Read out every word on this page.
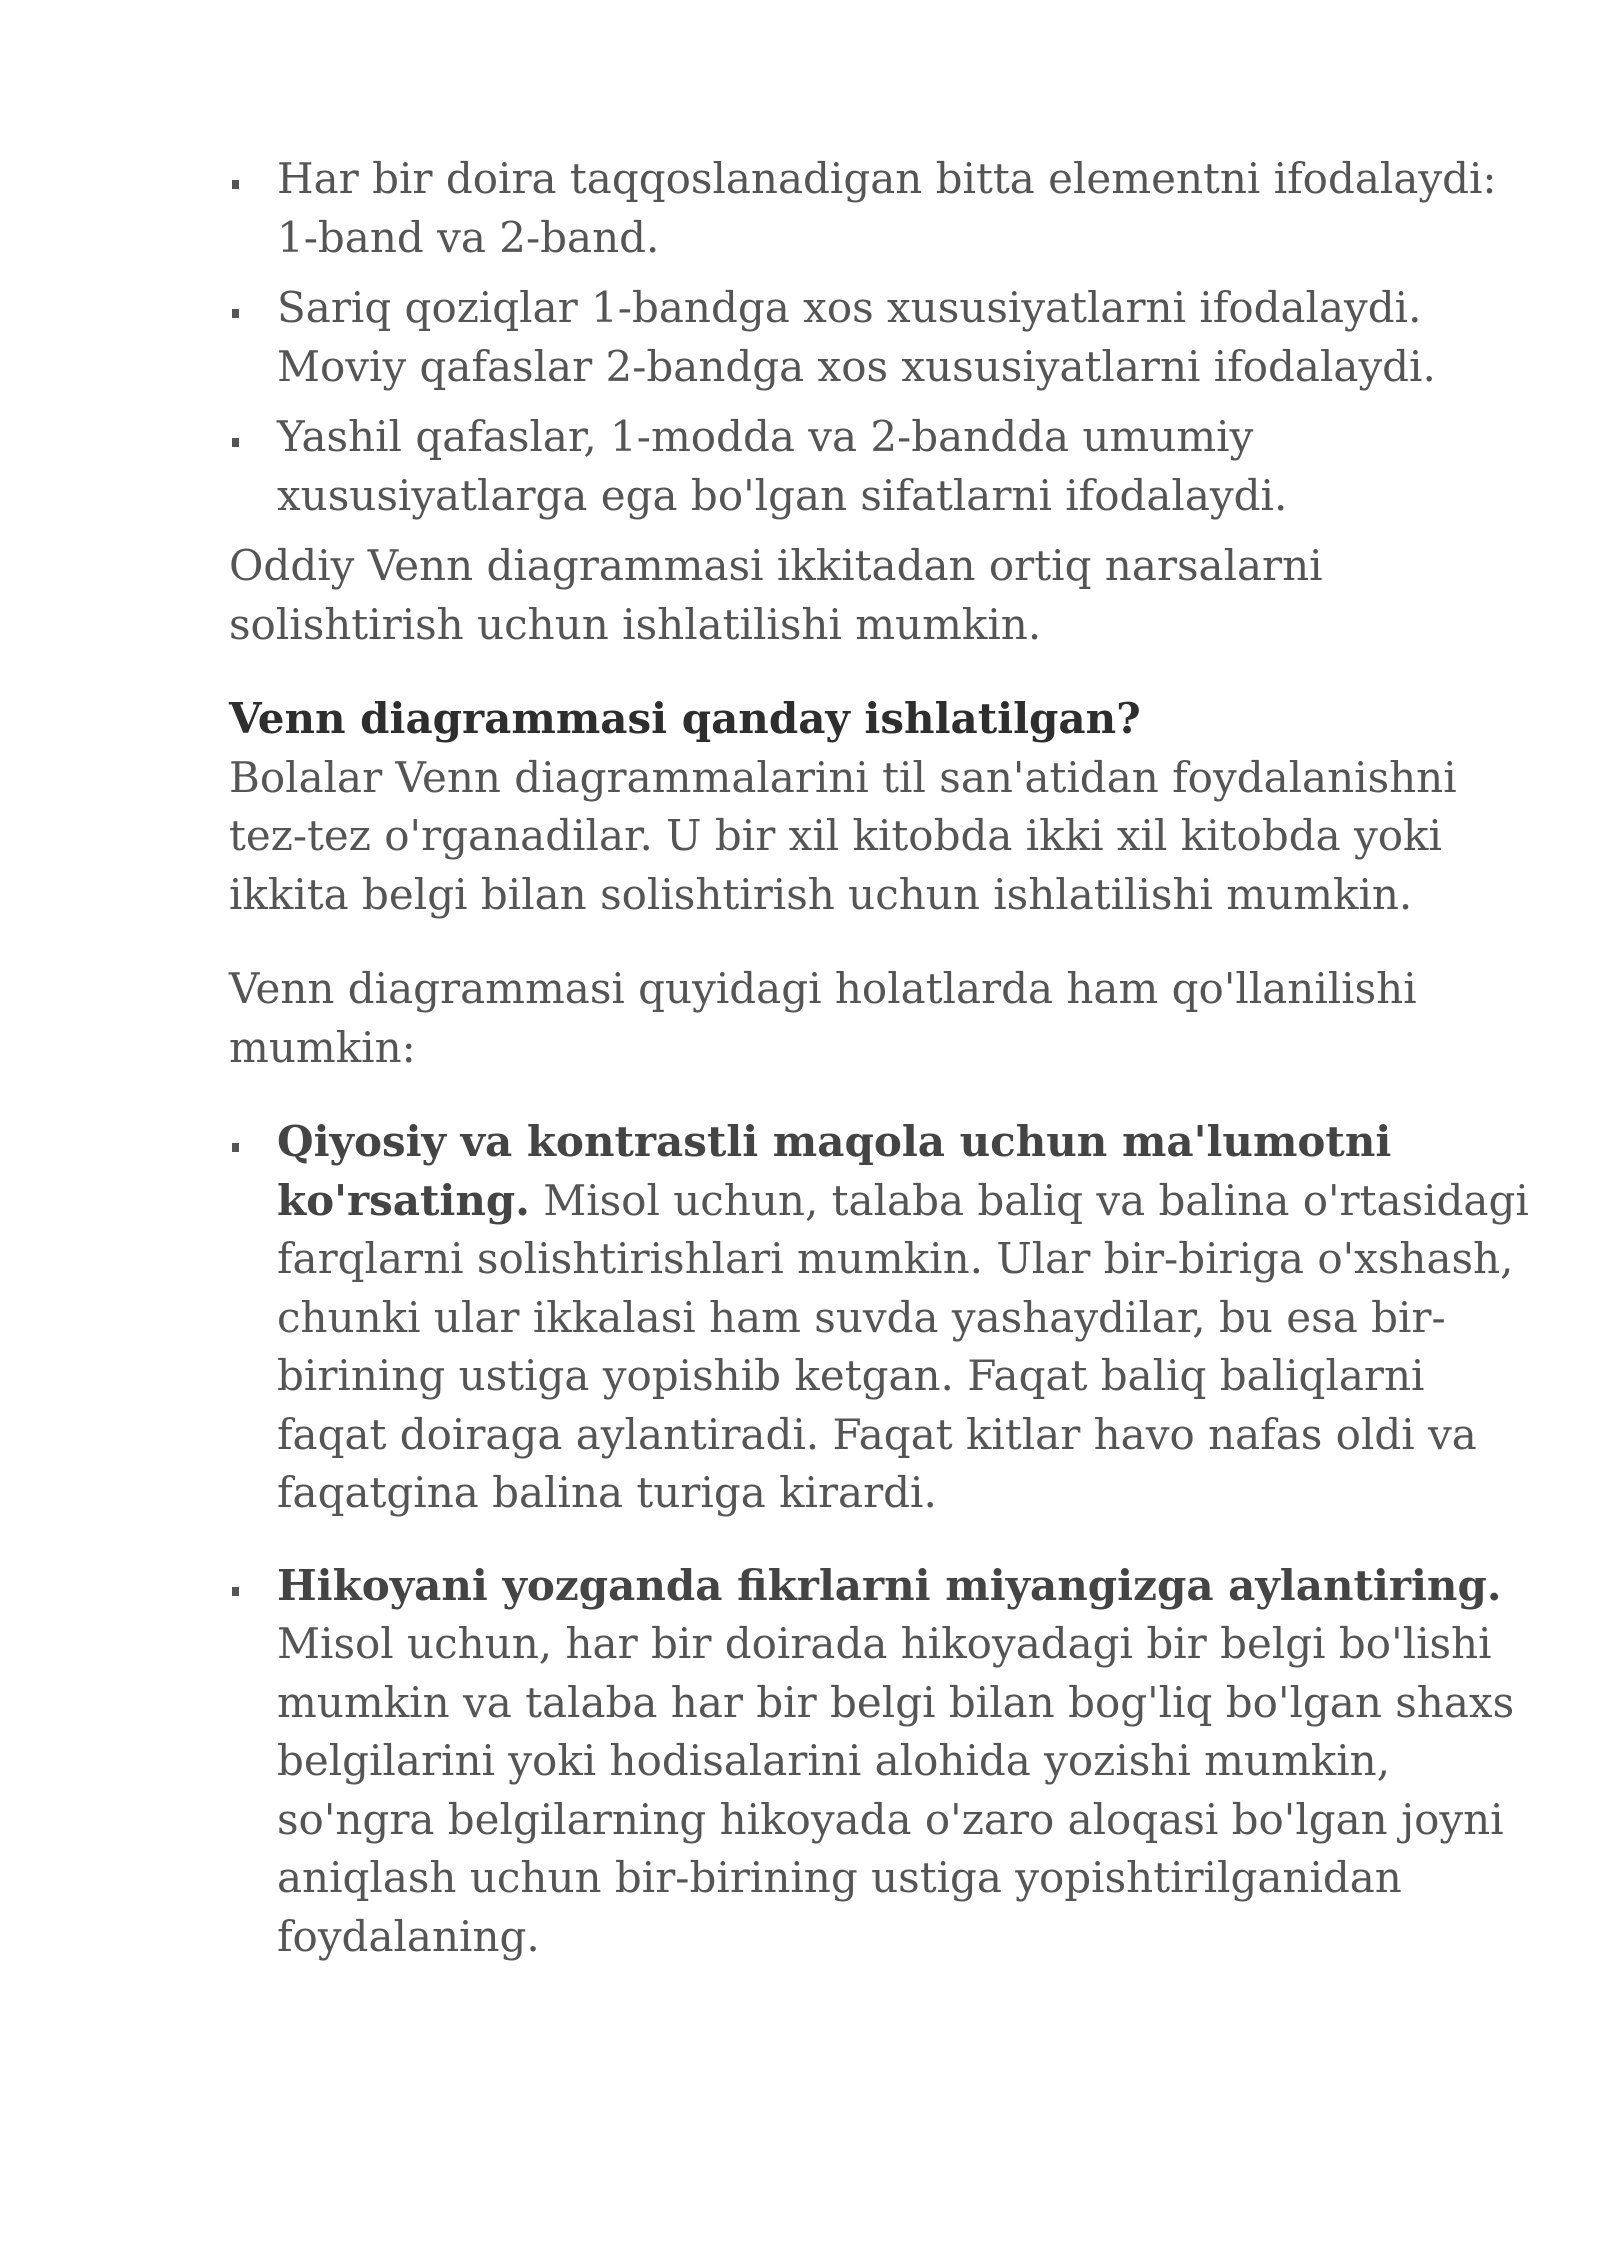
Har bir doira taqqoslanadigan bitta elementni ifodalaydi: 1-band va 2-band.
Sariq qoziqlar 1-bandga xos xususiyatlarni ifodalaydi. Moviy qafaslar 2-bandga xos xususiyatlarni ifodalaydi.
Yashil qafaslar, 1-modda va 2-bandda umumiy xususiyatlarga ega bo'lgan sifatlarni ifodalaydi.

Oddiy Venn diagrammasi ikkitadan ortiq narsalarni solishtirish uchun ishlatilishi mumkin.

Venn diagrammasi qanday ishlatilgan?

Bolalar Venn diagrammalarini til san'atidan foydalanishni tez-tez o'rganadilar. U bir xil kitobda ikki xil kitobda yoki ikkita belgi bilan solishtirish uchun ishlatilishi mumkin.

Venn diagrammasi quyidagi holatlarda ham qo'llanilishi mumkin:

Qiyosiy va kontrastli maqola uchun ma'lumotni ko'rsating. Misol uchun, talaba baliq va balina o'rtasidagi farqlarni solishtirishlari mumkin. Ular bir-biriga o'xshash, chunki ular ikkalasi ham suvda yashaydilar, bu esa bir-birining ustiga yopishib ketgan. Faqat baliq baliqlarni faqat doiraga aylantiradi. Faqat kitlar havo nafas oldi va faqatgina balina turiga kirardi.
Hikoyani yozganda fikrlarni miyangizga aylantiring. Misol uchun, har bir doirada hikoyadagi bir belgi bo'lishi mumkin va talaba har bir belgi bilan bog'liq bo'lgan shaxs belgilarini yoki hodisalarini alohida yozishi mumkin, so'ngra belgilarning hikoyada o'zaro aloqasi bo'lgan joyni aniqlash uchun bir-birining ustiga yopishtirilganidan foydalaning.
